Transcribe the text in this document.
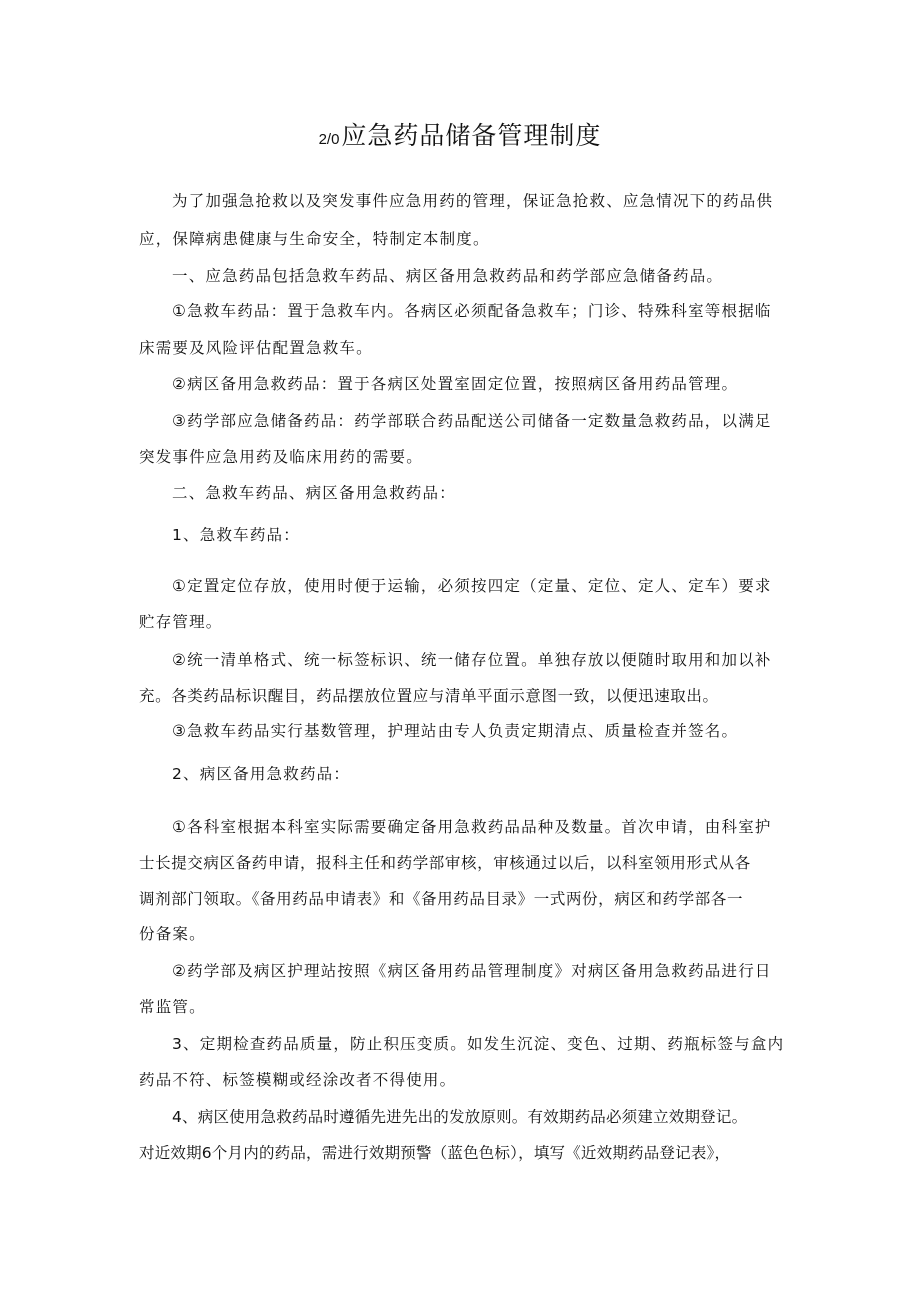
2/0应急药品储备管理制度

为了加强急抢救以及突发事件应急用药的管理，保证急抢救、应急情况下的药品供

应，保障病患健康与生命安全，特制定本制度。

一、应急药品包括急救车药品、病区备用急救药品和药学部应急储备药品。

①急救车药品：置于急救车内。各病区必须配备急救车；门诊、特殊科室等根据临

床需要及风险评估配置急救车。

②病区备用急救药品：置于各病区处置室固定位置，按照病区备用药品管理。

③药学部应急储备药品：药学部联合药品配送公司储备一定数量急救药品，以满足

突发事件应急用药及临床用药的需要。

二、急救车药品、病区备用急救药品：

1、急救车药品：

①定置定位存放，使用时便于运输，必须按四定（定量、定位、定人、定车）要求

贮存管理。

②统一清单格式、统一标签标识、统一储存位置。单独存放以便随时取用和加以补

充。各类药品标识醒目，药品摆放位置应与清单平面示意图一致，以便迅速取出。

③急救车药品实行基数管理，护理站由专人负责定期清点、质量检查并签名。

2、病区备用急救药品：

①各科室根据本科室实际需要确定备用急救药品品种及数量。首次申请，由科室护

士长提交病区备药申请，报科主任和药学部审核，审核通过以后，以科室领用形式从各

调剂部门领取。《备用药品申请表》和《备用药品目录》一式两份，病区和药学部各一

份备案。

②药学部及病区护理站按照《病区备用药品管理制度》对病区备用急救药品进行日

常监管。

3、定期检查药品质量，防止积压变质。如发生沉淀、变色、过期、药瓶标签与盒内

药品不符、标签模糊或经涂改者不得使用。

4、病区使用急救药品时遵循先进先出的发放原则。有效期药品必须建立效期登记。

对近效期6个月内的药品，需进行效期预警（蓝色色标），填写《近效期药品登记表》，
